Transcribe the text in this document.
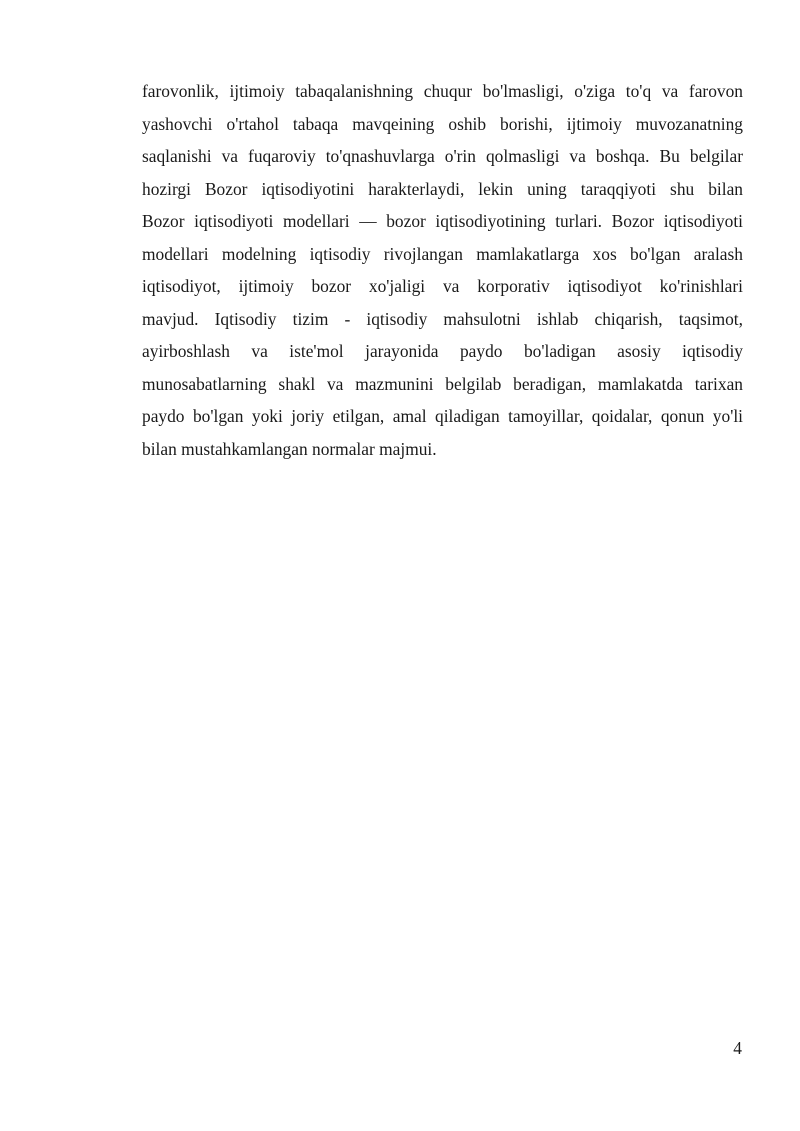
farovonlik, ijtimoiy tabaqalanishning chuqur bo'lmasligi, o'ziga to'q va farovon
yashovchi o'rtahol tabaqa mavqeining oshib borishi, ijtimoiy muvozanatning
saqlanishi va fuqaroviy to'qnashuvlarga o'rin qolmasligi va boshqa. Bu belgilar
hozirgi Bozor iqtisodiyotini harakterlaydi, lekin uning taraqqiyoti shu bilan
Bozor iqtisodiyoti modellari — bozor iqtisodiyotining turlari. Bozor iqtisodiyoti
modellari modelning iqtisodiy rivojlangan mamlakatlarga xos bo'lgan aralash
iqtisodiyot, ijtimoiy bozor xo'jaligi va korporativ iqtisodiyot ko'rinishlari
mavjud. Iqtisodiy tizim - iqtisodiy mahsulotni ishlab chiqarish, taqsimot,
ayirboshlash va iste'mol jarayonida paydo bo'ladigan asosiy iqtisodiy
munosabatlarning shakl va mazmunini belgilab beradigan, mamlakatda tarixan
paydo bo'lgan yoki joriy etilgan, amal qiladigan tamoyillar, qoidalar, qonun yo'li
bilan mustahkamlangan normalar majmui.

4
